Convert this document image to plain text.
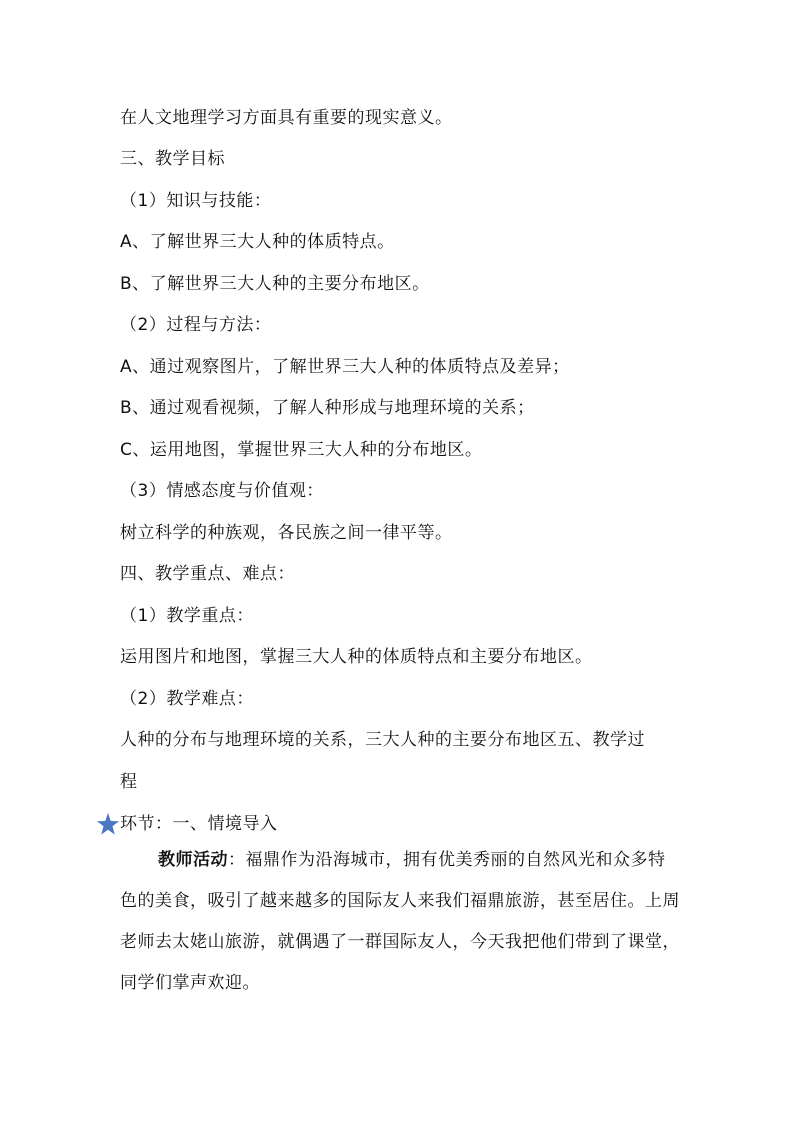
在人文地理学习方面具有重要的现实意义。
三、教学目标
（1）知识与技能：
A、了解世界三大人种的体质特点。
B、了解世界三大人种的主要分布地区。
（2）过程与方法：
A、通过观察图片，了解世界三大人种的体质特点及差异；
B、通过观看视频，了解人种形成与地理环境的关系；
C、运用地图，掌握世界三大人种的分布地区。
（3）情感态度与价值观：
树立科学的种族观，各民族之间一律平等。
四、教学重点、难点：
（1）教学重点：
运用图片和地图，掌握三大人种的体质特点和主要分布地区。
（2）教学难点：
人种的分布与地理环境的关系，三大人种的主要分布地区五、教学过
程
环节：一、情境导入
教师活动：福鼎作为沿海城市，拥有优美秀丽的自然风光和众多特色的美食，吸引了越来越多的国际友人来我们福鼎旅游，甚至居住。上周老师去太姥山旅游，就偶遇了一群国际友人，今天我把他们带到了课堂，同学们掌声欢迎。
